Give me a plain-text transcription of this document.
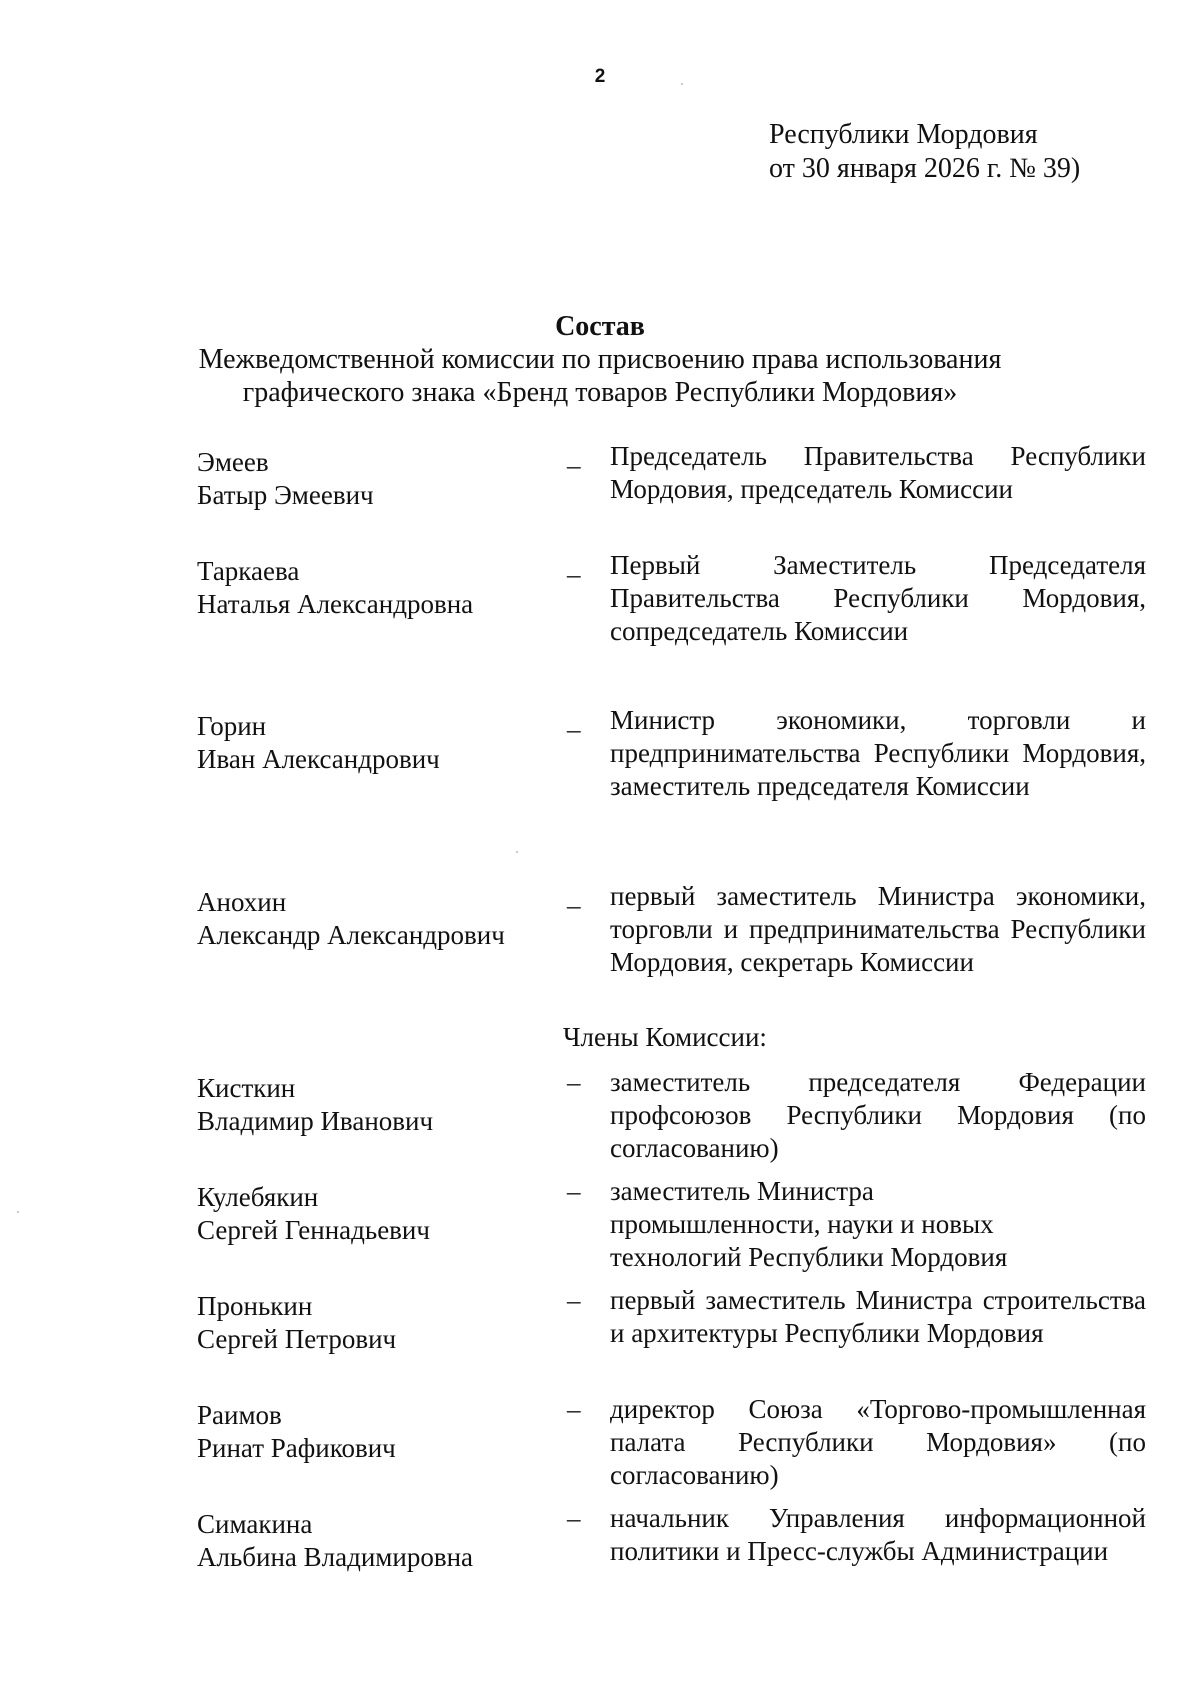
2
Республики Мордовия
от 30 января 2026 г. № 39)
Состав
Межведомственной комиссии по присвоению права использования
графического знака «Бренд товаров Республики Мордовия»
Эмеев
Батыр Эмеевич
_ Председатель Правительства Республики Мордовия, председатель Комиссии
Таркаева
Наталья Александровна
_ Первый Заместитель Председателя Правительства Республики Мордовия, сопредседатель Комиссии
Горин
Иван Александрович
_ Министр экономики, торговли и предпринимательства Республики Мордовия, заместитель председателя Комиссии
Анохин
Александр Александрович
_ первый заместитель Министра экономики, торговли и предпринимательства Республики Мордовия, секретарь Комиссии
Члены Комиссии:
Кисткин
Владимир Иванович
– заместитель председателя Федерации профсоюзов Республики Мордовия (по согласованию)
Кулебякин
Сергей Геннадьевич
– заместитель Министра промышленности, науки и новых технологий Республики Мордовия
Пронькин
Сергей Петрович
– первый заместитель Министра строительства и архитектуры Республики Мордовия
Раимов
Ринат Рафикович
– директор Союза «Торгово-промышленная палата Республики Мордовия» (по согласованию)
Симакина
Альбина Владимировна
– начальник Управления информационной политики и Пресс-службы Администрации
